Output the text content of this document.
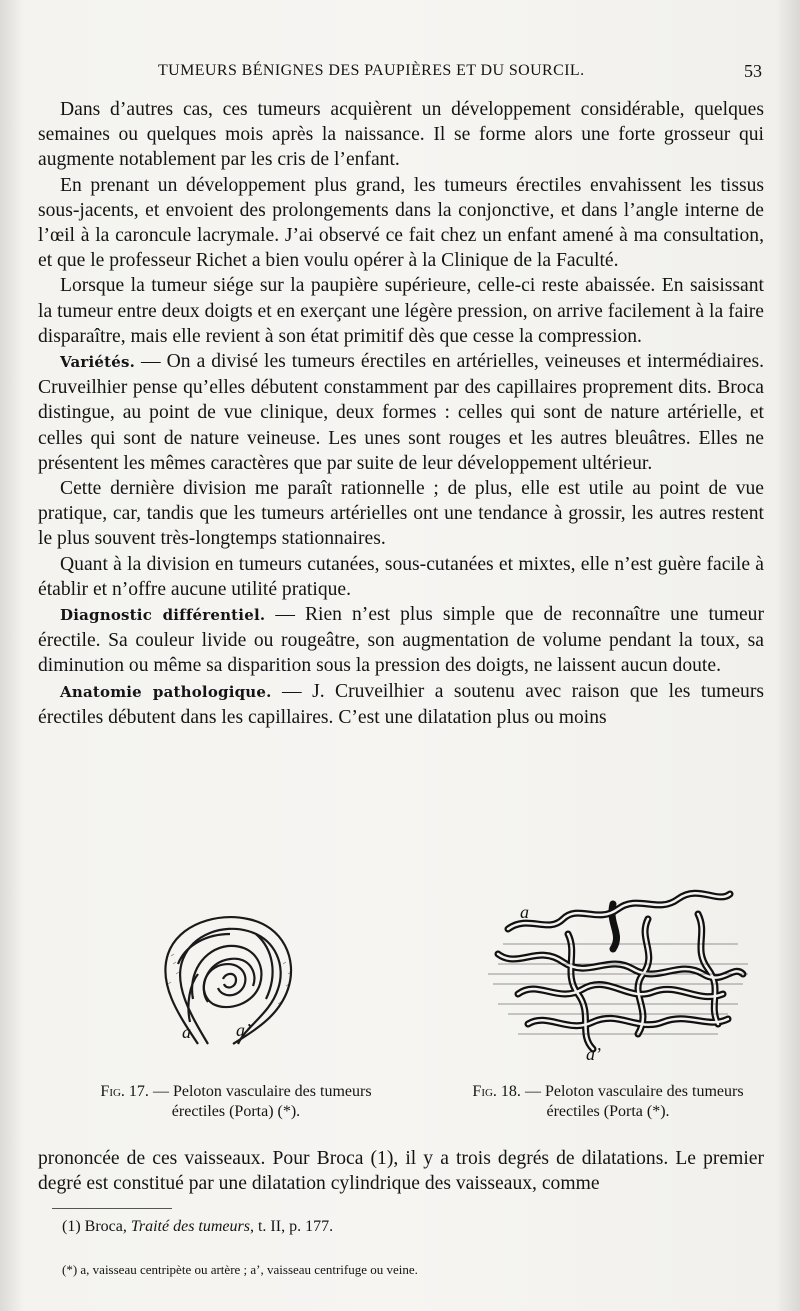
TUMEURS BÉNIGNES DES PAUPIÈRES ET DU SOURCIL.	53

Dans d’autres cas, ces tumeurs acquièrent un développement considérable, quelques semaines ou quelques mois après la naissance. Il se forme alors une forte grosseur qui augmente notablement par les cris de l’enfant.

En prenant un développement plus grand, les tumeurs érectiles envahissent les tissus sous-jacents, et envoient des prolongements dans la conjonctive, et dans l’angle interne de l’œil à la caroncule lacrymale. J’ai observé ce fait chez un enfant amené à ma consultation, et que le professeur Richet a bien voulu opérer à la Clinique de la Faculté.

Lorsque la tumeur siége sur la paupière supérieure, celle-ci reste abaissée. En saisissant la tumeur entre deux doigts et en exerçant une légère pression, on arrive facilement à la faire disparaître, mais elle revient à son état primitif dès que cesse la compression.

Variétés. — On a divisé les tumeurs érectiles en artérielles, veineuses et intermédiaires. Cruveilhier pense qu’elles débutent constamment par des capillaires proprement dits. Broca distingue, au point de vue clinique, deux formes : celles qui sont de nature artérielle, et celles qui sont de nature veineuse. Les unes sont rouges et les autres bleuâtres. Elles ne présentent les mêmes caractères que par suite de leur développement ultérieur.

Cette dernière division me paraît rationnelle ; de plus, elle est utile au point de vue pratique, car, tandis que les tumeurs artérielles ont une tendance à grossir, les autres restent le plus souvent très-longtemps stationnaires.

Quant à la division en tumeurs cutanées, sous-cutanées et mixtes, elle n’est guère facile à établir et n’offre aucune utilité pratique.

Diagnostic différentiel. — Rien n’est plus simple que de reconnaître une tumeur érectile. Sa couleur livide ou rougeâtre, son augmentation de volume pendant la toux, sa diminution ou même sa disparition sous la pression des doigts, ne laissent aucun doute.

Anatomie pathologique. — J. Cruveilhier a soutenu avec raison que les tumeurs érectiles débutent dans les capillaires. C’est une dilatation plus ou moins

a	a’
a
a’
Fig. 17. — Peloton vasculaire des tumeurs érectiles (Porta) (*).
Fig. 18. — Peloton vasculaire des tumeurs érectiles (Porta (*).
prononcée de ces vaisseaux. Pour Broca (1), il y a trois degrés de dilatations. Le premier degré est constitué par une dilatation cylindrique des vaisseaux, comme
(1) Broca, Traité des tumeurs, t. II, p. 177.
(*) a, vaisseau centripète ou artère ; a’, vaisseau centrifuge ou veine.
